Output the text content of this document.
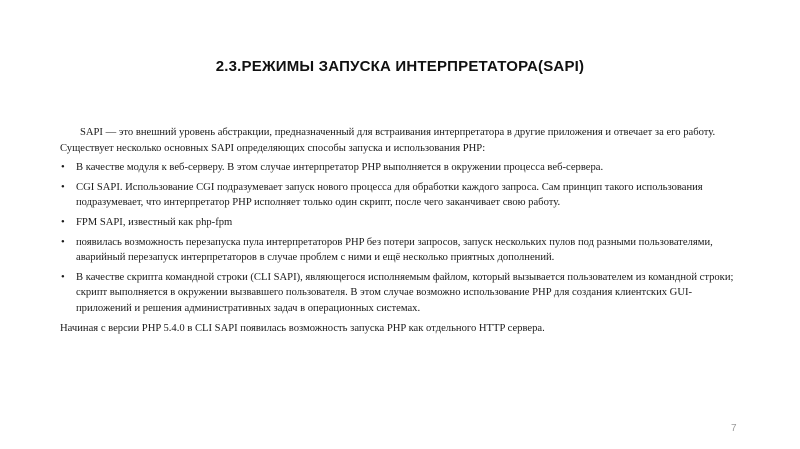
2.3.РЕЖИМЫ ЗАПУСКА ИНТЕРПРЕТАТОРА(SAPI)

SAPI — это внешний уровень абстракции, предназначенный для встраивания интерпретатора в другие приложения и отвечает за его работу. Существует несколько основных SAPI определяющих способы запуска и использования PHP:

• В качестве модуля к веб-серверу. В этом случае интерпретатор PHP выполняется в окружении процесса веб-сервера.
• CGI SAPI. Использование CGI подразумевает запуск нового процесса для обработки каждого запроса. Сам принцип такого использования подразумевает, что интерпретатор PHP исполняет только один скрипт, после чего заканчивает свою работу.
• FPM SAPI, известный как php-fpm
• появилась возможность перезапуска пула интерпретаторов PHP без потери запросов, запуск нескольких пулов под разными пользователями, аварийный перезапуск интерпретаторов в случае проблем с ними и ещё несколько приятных дополнений.
• В качестве скрипта командной строки (CLI SAPI), являющегося исполняемым файлом, который вызывается пользователем из командной строки; скрипт выполняется в окружении вызвавшего пользователя. В этом случае возможно использование PHP для создания клиентских GUI-приложений и решения административных задач в операционных системах.

Начиная с версии PHP 5.4.0 в CLI SAPI появилась возможность запуска PHP как отдельного HTTP сервера.

7
